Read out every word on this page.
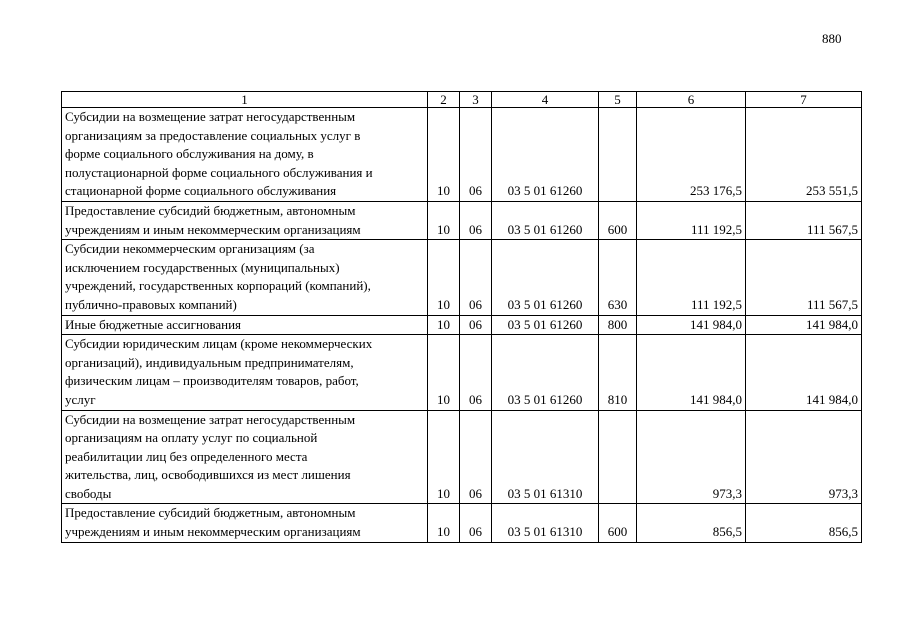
880
1	2	3	4	5	6	7
Субсидии на возмещение затрат негосударственным
организациям за предоставление социальных услуг в
форме социального обслуживания на дому, в
полустационарной форме социального обслуживания и
стационарной форме социального обслуживания	10	06	03 5 01 61260		253 176,5	253 551,5
Предоставление субсидий бюджетным, автономным
учреждениям и иным некоммерческим организациям	10	06	03 5 01 61260	600	111 192,5	111 567,5
Субсидии некоммерческим организациям (за
исключением государственных (муниципальных)
учреждений, государственных корпораций (компаний),
публично-правовых компаний)	10	06	03 5 01 61260	630	111 192,5	111 567,5
Иные бюджетные ассигнования	10	06	03 5 01 61260	800	141 984,0	141 984,0
Субсидии юридическим лицам (кроме некоммерческих
организаций), индивидуальным предпринимателям,
физическим лицам – производителям товаров, работ,
услуг	10	06	03 5 01 61260	810	141 984,0	141 984,0
Субсидии на возмещение затрат негосударственным
организациям на оплату услуг по социальной
реабилитации лиц без определенного места
жительства, лиц, освободившихся из мест лишения
свободы	10	06	03 5 01 61310		973,3	973,3
Предоставление субсидий бюджетным, автономным
учреждениям и иным некоммерческим организациям	10	06	03 5 01 61310	600	856,5	856,5
